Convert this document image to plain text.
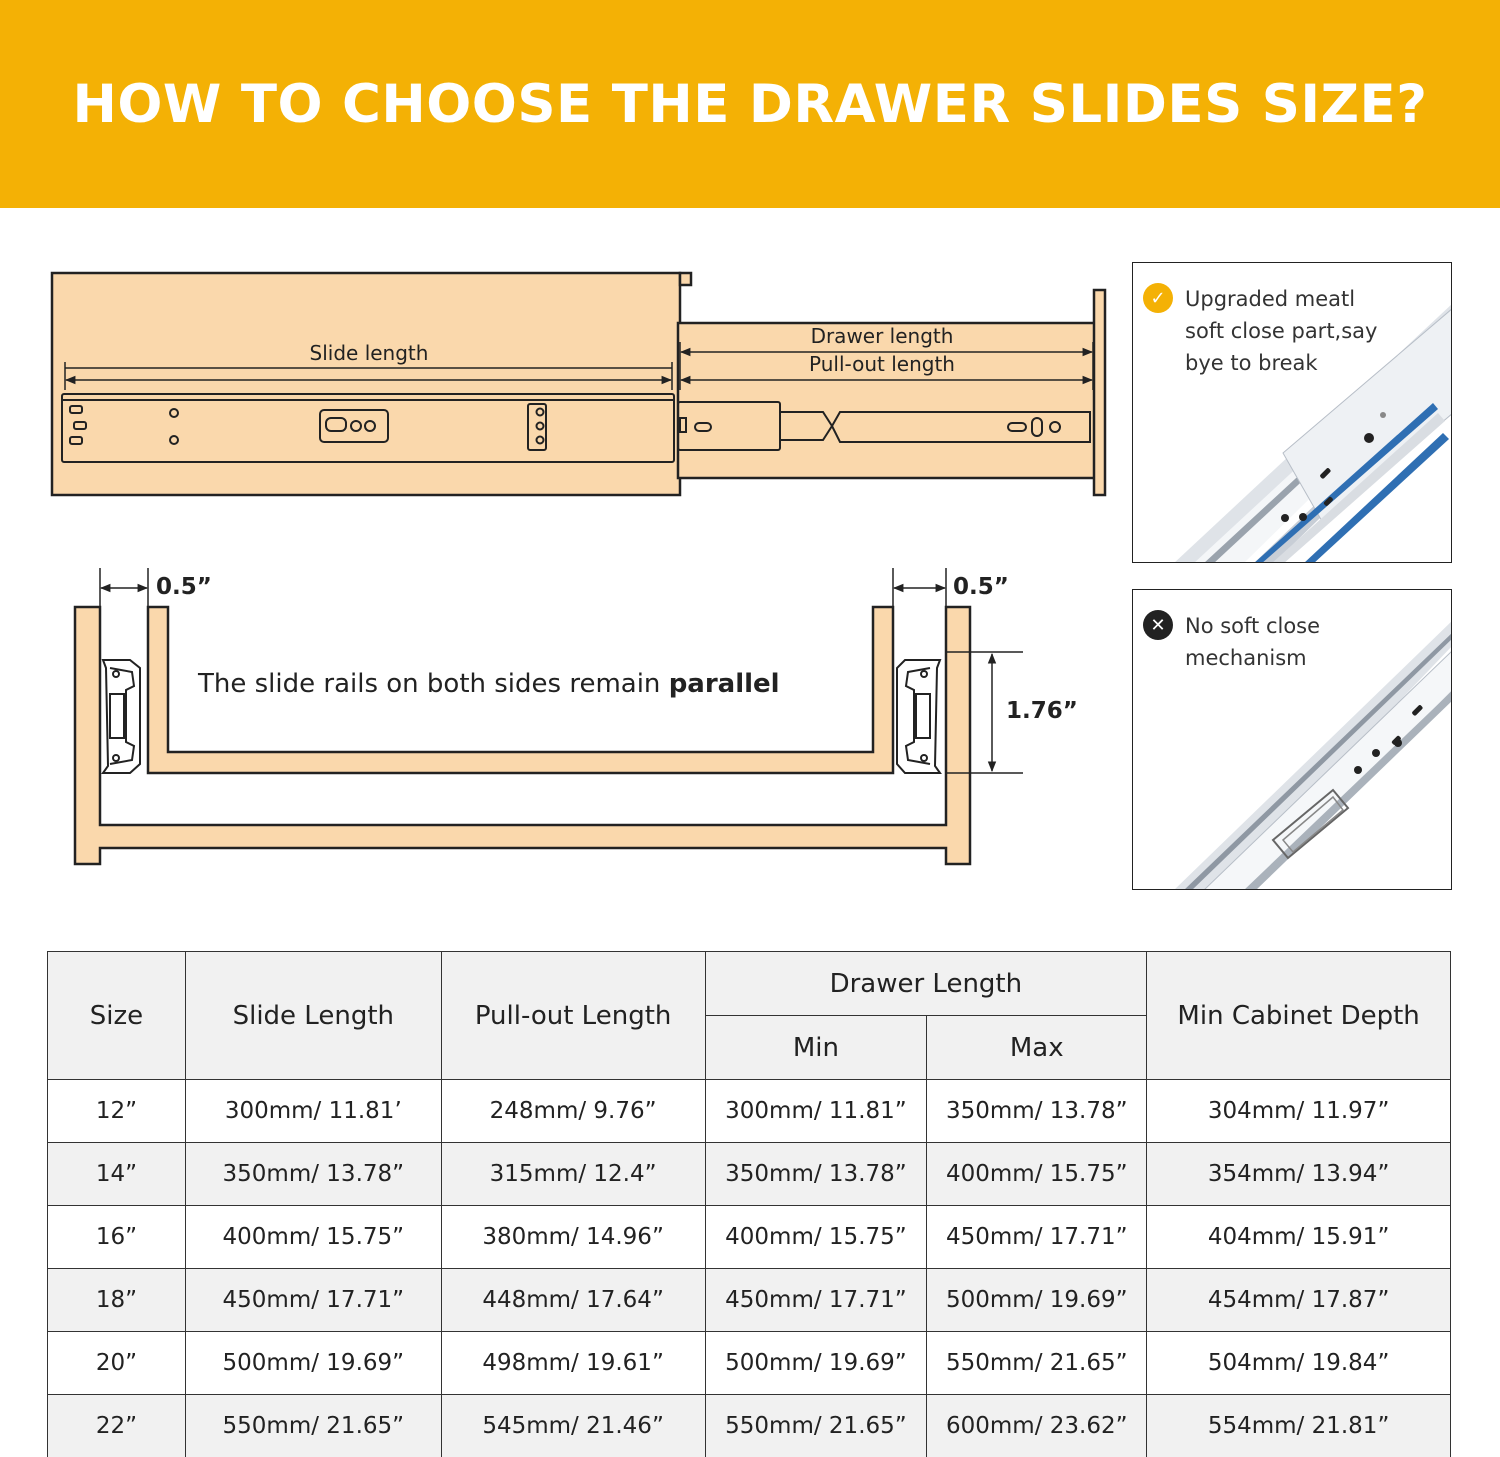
HOW TO CHOOSE THE DRAWER SLIDES SIZE?
Slide length
Drawer length
Pull-out length
0.5”	0.5”
1.76”
The slide rails on both sides remain parallel
✓ Upgraded meatl
soft close part,say
bye to break
✕ No soft close
mechanism
Size	Slide Length	Pull-out Length	Drawer Length		Min Cabinet Depth
			Min	Max	
12”	300mm/ 11.81’	248mm/ 9.76”	300mm/ 11.81”	350mm/ 13.78”	304mm/ 11.97”
14”	350mm/ 13.78”	315mm/ 12.4”	350mm/ 13.78”	400mm/ 15.75”	354mm/ 13.94”
16”	400mm/ 15.75”	380mm/ 14.96”	400mm/ 15.75”	450mm/ 17.71”	404mm/ 15.91”
18”	450mm/ 17.71”	448mm/ 17.64”	450mm/ 17.71”	500mm/ 19.69”	454mm/ 17.87”
20”	500mm/ 19.69”	498mm/ 19.61”	500mm/ 19.69”	550mm/ 21.65”	504mm/ 19.84”
22”	550mm/ 21.65”	545mm/ 21.46”	550mm/ 21.65”	600mm/ 23.62”	554mm/ 21.81”
